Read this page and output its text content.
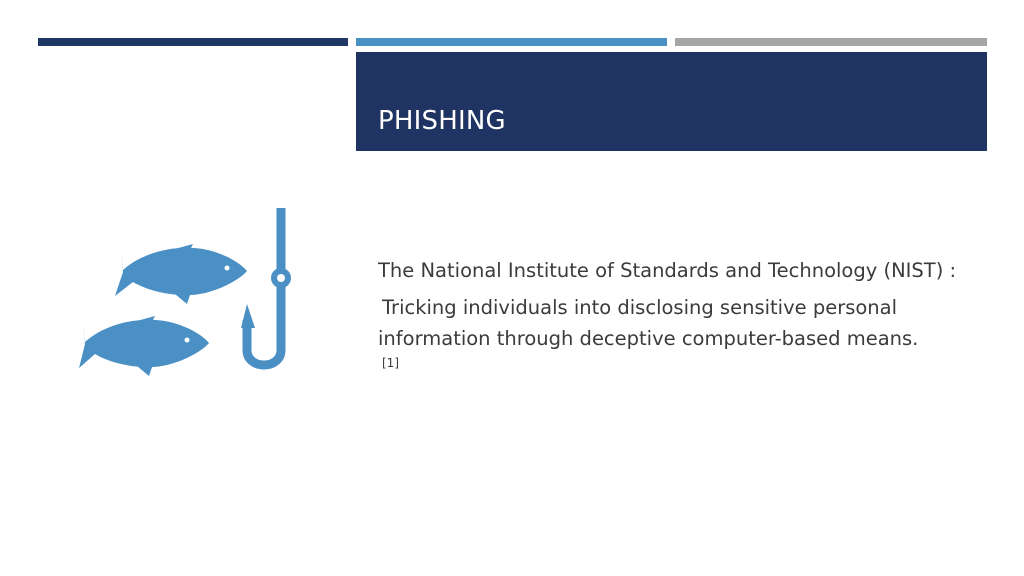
PHISHING

The National Institute of Standards and Technology (NIST) :

Tricking individuals into disclosing sensitive personal
information through deceptive computer-based means.
[1]
